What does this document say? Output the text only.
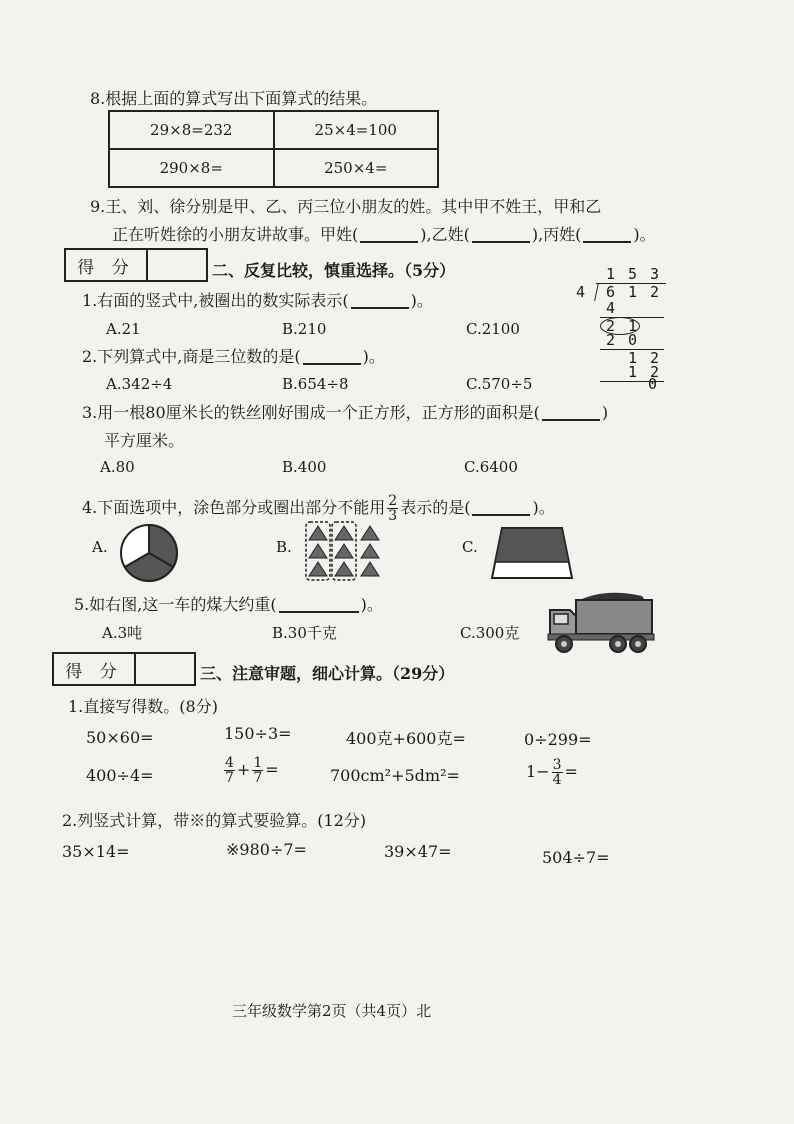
8.根据上面的算式写出下面算式的结果。
29×8=232	25×4=100
290×8=	250×4=
9.王、刘、徐分别是甲、乙、丙三位小朋友的姓。其中甲不姓王，甲和乙
正在听姓徐的小朋友讲故事。甲姓(	),乙姓(	),丙姓(	)。
得 分	二、反复比较，慎重选择。（5分）	1 5 3
4 6 1 2
4
2 1
2 0
1 2
1 2
0
1.右面的竖式中,被圈出的数实际表示(	)。
A.21	B.210	C.2100
2.下列算式中,商是三位数的是(	)。
A.342÷4	B.654÷8	C.570÷5
3.用一根80厘米长的铁丝刚好围成一个正方形，正方形的面积是(	)
平方厘米。
A.80	B.400	C.6400
4.下面选项中，涂色部分或圈出部分不能用 $\frac{2}{3}$ 表示的是(	)。
A.	B.	C.
5.如右图,这一车的煤大约重(	)。
A.3吨	B.30千克	C.300克
得 分	三、注意审题，细心计算。（29分）
1.直接写得数。(8分)
50×60=	150÷3=	400克+600克=	0÷299=
400÷4=	$\frac{4}{7} + \frac{1}{7}$ =	700cm²+5dm²=	$1- \frac{3}{4}$ =
2.列竖式计算，带※的算式要验算。(12分)
35×14=	※980÷7=	39×47=	504÷7=
三年级数学第2页（共4页）北
